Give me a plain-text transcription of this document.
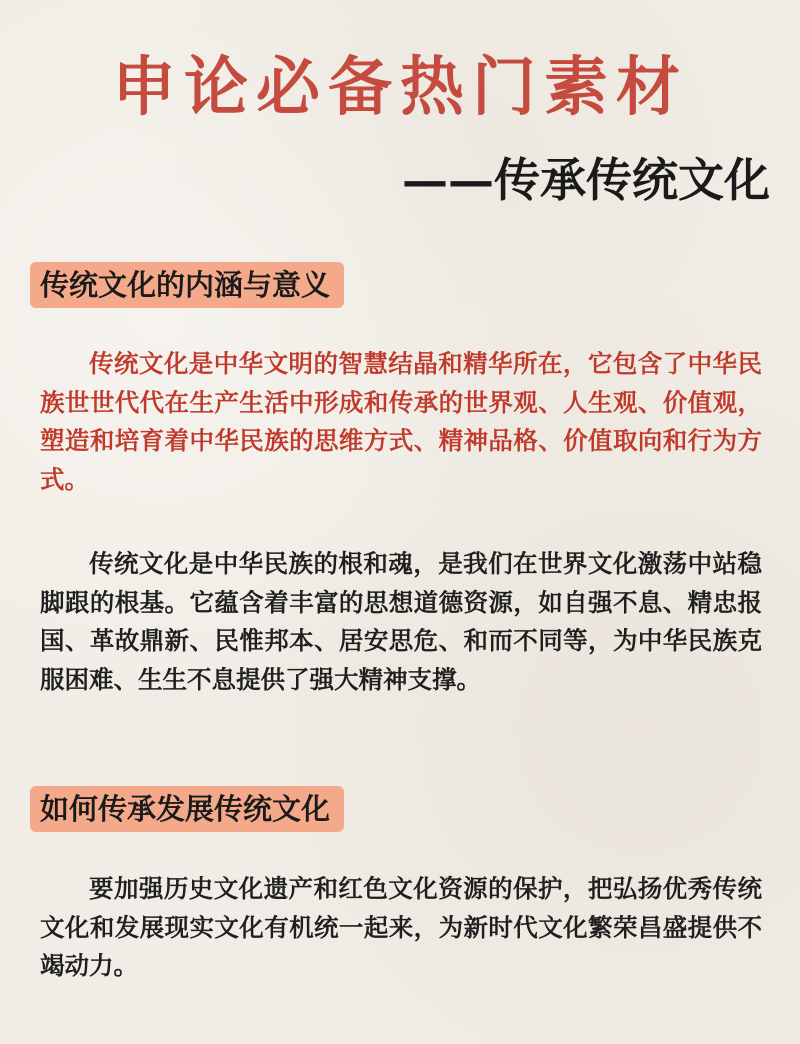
申论必备热门素材
——传承传统文化
传统文化的内涵与意义

传统文化是中华文明的智慧结晶和精华所在，它包含了中华民族世世代代在生产生活中形成和传承的世界观、人生观、价值观，塑造和培育着中华民族的思维方式、精神品格、价值取向和行为方式。

传统文化是中华民族的根和魂，是我们在世界文化激荡中站稳脚跟的根基。它蕴含着丰富的思想道德资源，如自强不息、精忠报国、革故鼎新、民惟邦本、居安思危、和而不同等，为中华民族克服困难、生生不息提供了强大精神支撑。

如何传承发展传统文化

要加强历史文化遗产和红色文化资源的保护，把弘扬优秀传统文化和发展现实文化有机统一起来，为新时代文化繁荣昌盛提供不竭动力。
